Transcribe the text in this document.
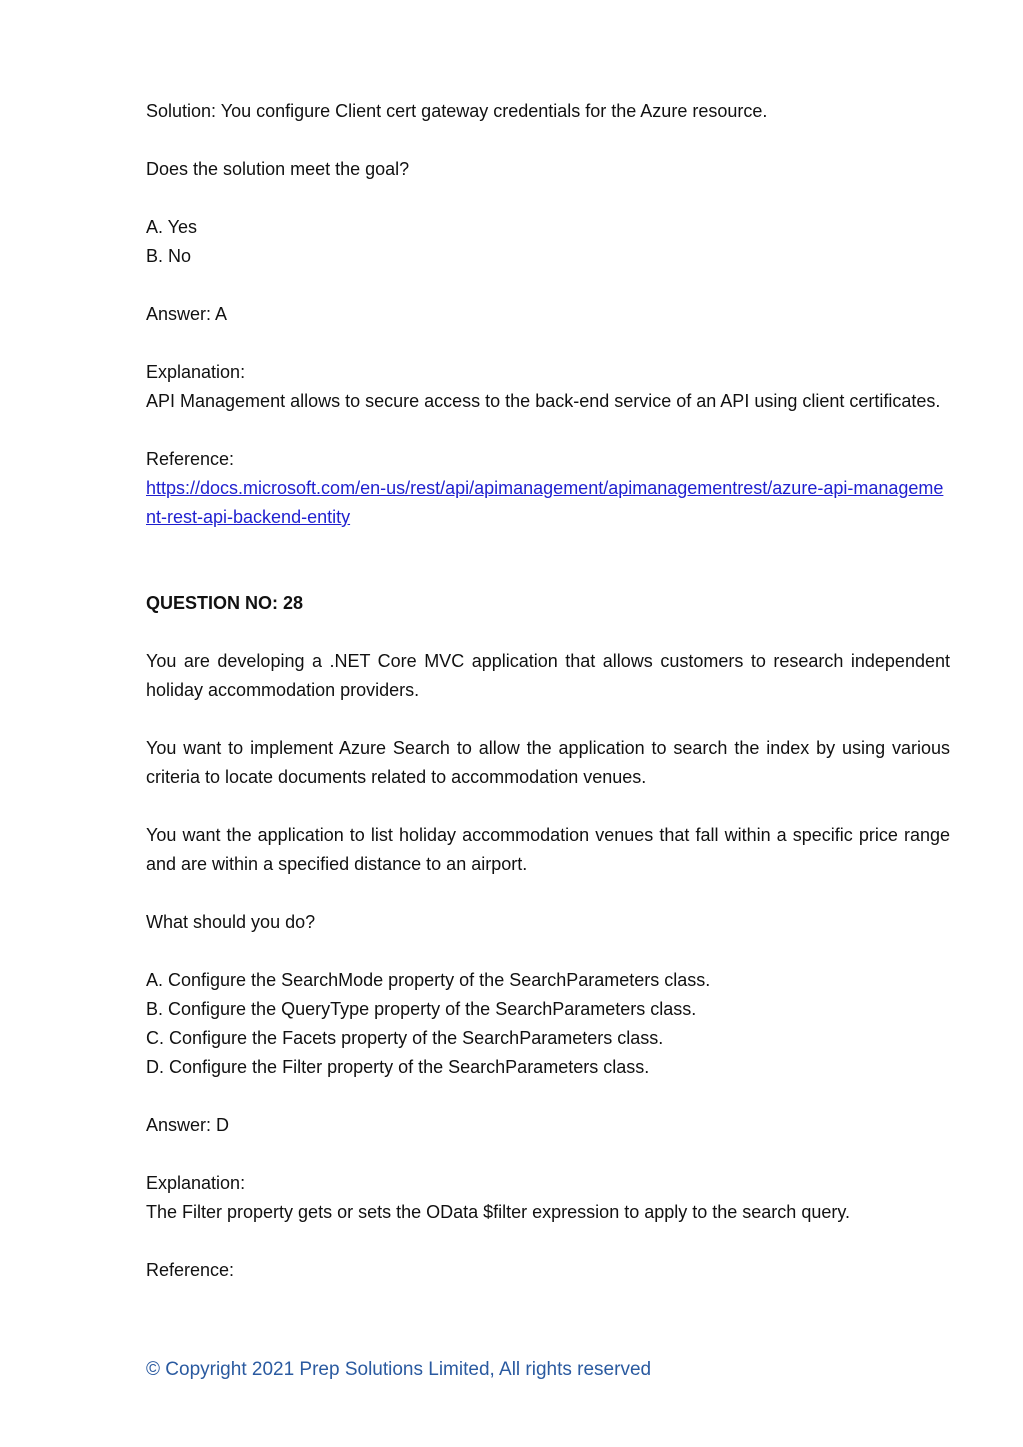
Solution: You configure Client cert gateway credentials for the Azure resource.
Does the solution meet the goal?
A. Yes
B. No
Answer: A
Explanation:
API Management allows to secure access to the back-end service of an API using client certificates.
Reference:
https://docs.microsoft.com/en-us/rest/api/apimanagement/apimanagementrest/azure-api-management-rest-api-backend-entity
QUESTION NO: 28
You are developing a .NET Core MVC application that allows customers to research independent holiday accommodation providers.
You want to implement Azure Search to allow the application to search the index by using various criteria to locate documents related to accommodation venues.
You want the application to list holiday accommodation venues that fall within a specific price range and are within a specified distance to an airport.
What should you do?
A. Configure the SearchMode property of the SearchParameters class.
B. Configure the QueryType property of the SearchParameters class.
C. Configure the Facets property of the SearchParameters class.
D. Configure the Filter property of the SearchParameters class.
Answer: D
Explanation:
The Filter property gets or sets the OData $filter expression to apply to the search query.
Reference:
© Copyright 2021 Prep Solutions Limited, All rights reserved
